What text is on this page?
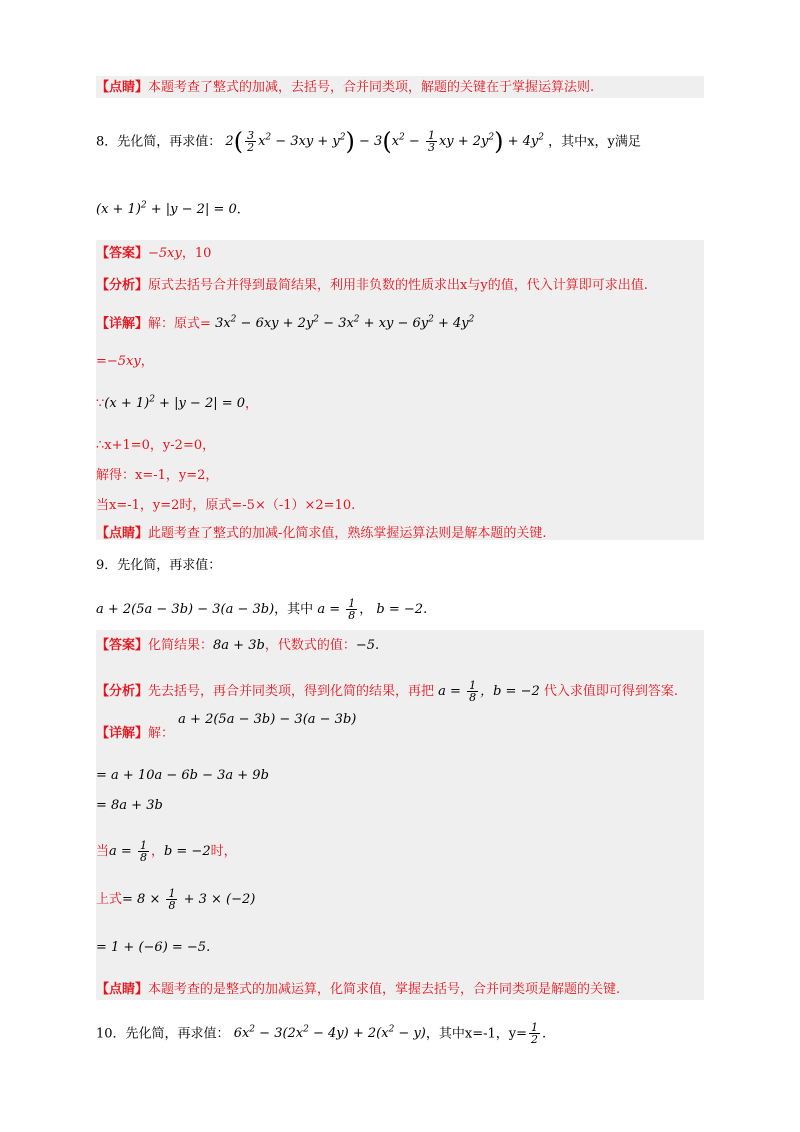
【点睛】本题考查了整式的加减，去括号，合并同类项，解题的关键在于掌握运算法则.
8．先化简，再求值： $2( \frac{3}{2} x^2 - 3xy + y^2) - 3(x^2 - \frac{1}{3}$ xy + $2y^2) + 4y^2$ ，其中x，y满足
$(x + 1)^2 + |y - 2| = 0$.
【答案】−5xy，10
【分析】原式去括号合并得到最简结果，利用非负数的性质求出x与y的值，代入计算即可求出值.
【详解】解：原式= $3x^2 - 6xy + 2y^2 - 3x^2$ + xy − $6y^2 + 4y^2$
=−5xy，
∵(x + 1)$^2$ + |y − 2| = 0，
∴x+1=0，y-2=0，
解得：x=-1，y=2，
当x=-1，y=2时，原式=-5×（-1）×2=10.
【点睛】此题考查了整式的加减-化简求值，熟练掌握运算法则是解本题的关键.
9．先化简，再求值：
a + 2(5a − 3b) − 3(a − 3b)，其中 $a = \frac{1}{8}$ ， b = −2.
【答案】化简结果：8a + 3b，代数式的值：−5.
【分析】先去括号，再合并同类项，得到化简的结果，再把 $a = \frac{1}{8}$ ，b = −2 代入求值即可得到答案.
【详解】解： a + 2(5a − 3b) − 3(a − 3b)
= a + 10a − 6b − 3a + 9b
= 8a + 3b
当$a = \frac{1}{8}$ ，b = −2时，
上式= $8 \times \frac{1}{8} + 3 \times (-2)$
= 1 + (−6) = −5.
【点睛】本题考查的是整式的加减运算，化简求值，掌握去括号，合并同类项是解题的关键.
10．先化简，再求值： $6x^2 - 3(2x^2 - 4y) + 2(x^2 - y)$，其中x=-1，$y= \frac{1}{2}$ .
